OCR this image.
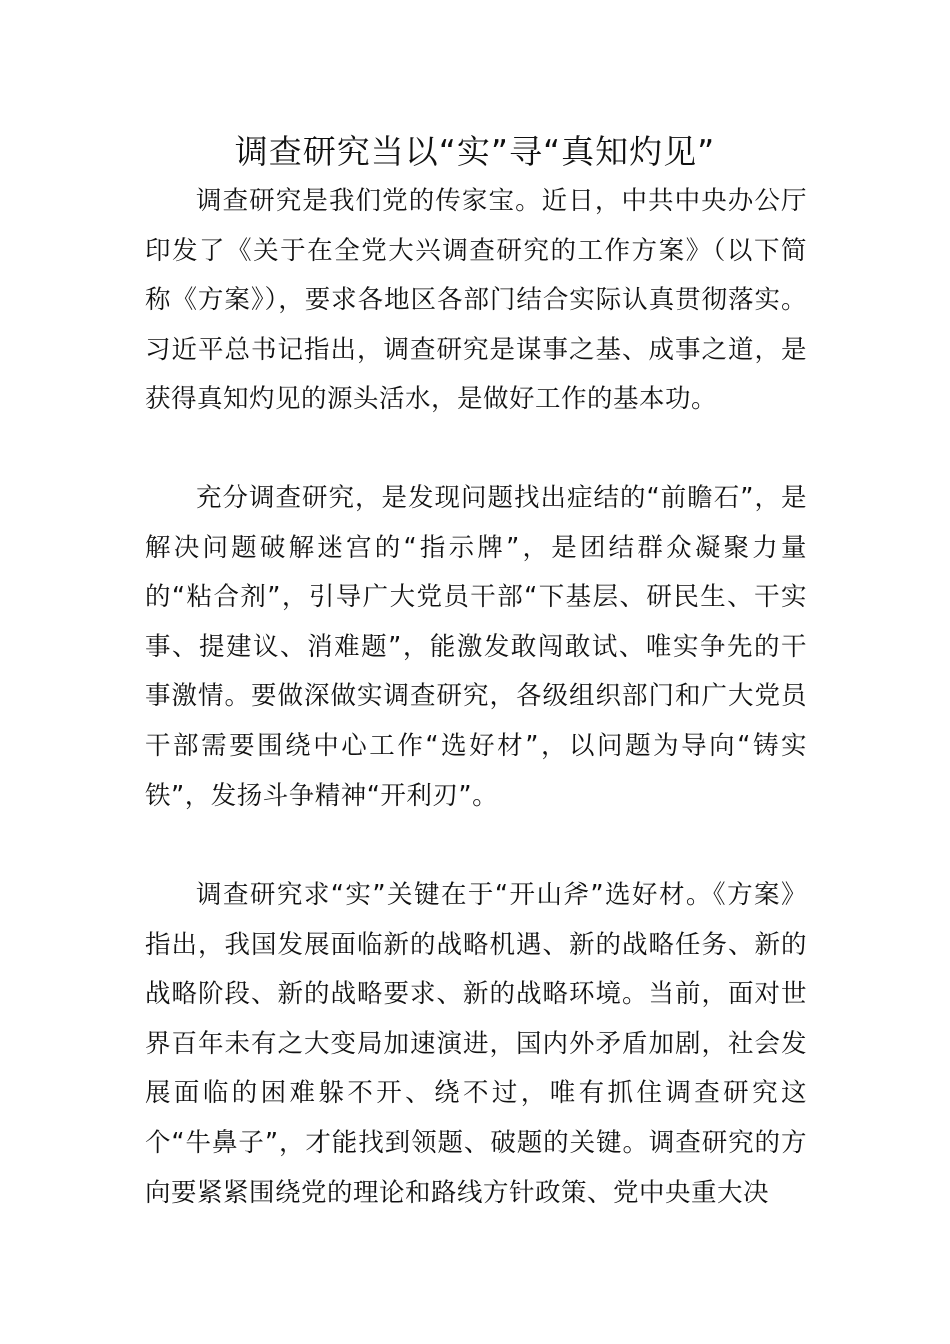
调查研究当以“实”寻“真知灼见”

调查研究是我们党的传家宝。近日，中共中央办公厅印发了《关于在全党大兴调查研究的工作方案》（以下简称《方案》），要求各地区各部门结合实际认真贯彻落实。习近平总书记指出，调查研究是谋事之基、成事之道，是获得真知灼见的源头活水，是做好工作的基本功。

充分调查研究，是发现问题找出症结的“前瞻石”，是解决问题破解迷宫的“指示牌”，是团结群众凝聚力量的“粘合剂”，引导广大党员干部“下基层、研民生、干实事、提建议、消难题”，能激发敢闯敢试、唯实争先的干事激情。要做深做实调查研究，各级组织部门和广大党员干部需要围绕中心工作“选好材”，以问题为导向“铸实铁”，发扬斗争精神“开利刃”。

调查研究求“实”关键在于“开山斧”选好材。《方案》指出，我国发展面临新的战略机遇、新的战略任务、新的战略阶段、新的战略要求、新的战略环境。当前，面对世界百年未有之大变局加速演进，国内外矛盾加剧，社会发展面临的困难躲不开、绕不过，唯有抓住调查研究这个“牛鼻子”，才能找到领题、破题的关键。调查研究的方向要紧紧围绕党的理论和路线方针政策、党中央重大决
